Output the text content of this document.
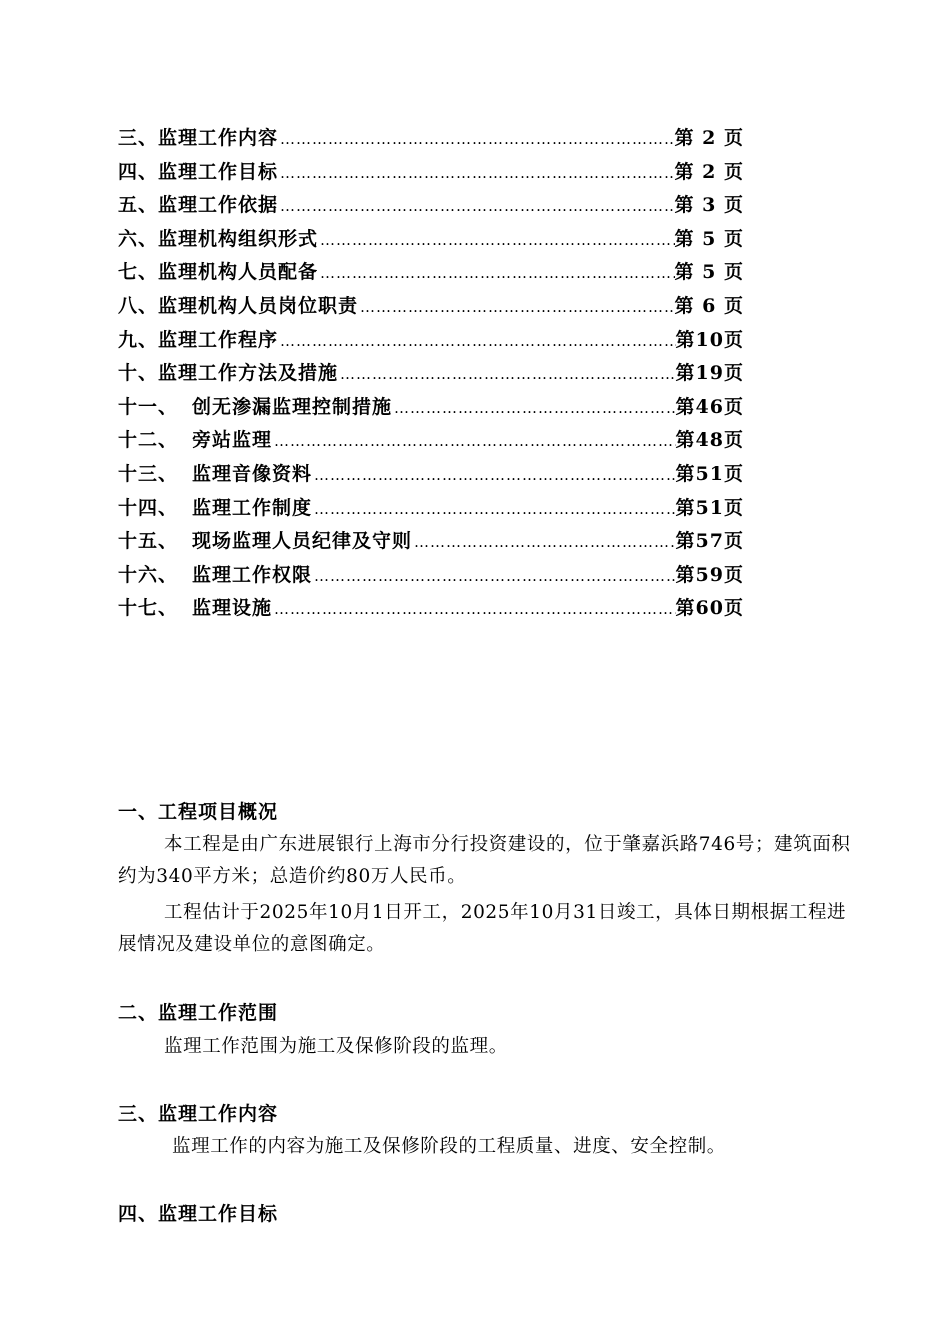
三、 监理工作内容 …………………………………………………………………………………………………………………………	第 2 页
四、 监理工作目标 …………………………………………………………………………………………………………………………	第 2 页
五、 监理工作依据 …………………………………………………………………………………………………………………………	第 3 页
六、 监理机构组织形式 …………………………………………………………………………………………………………………………	第 5 页
七、 监理机构人员配备 …………………………………………………………………………………………………………………………	第 5 页
八、 监理机构人员岗位职责 …………………………………………………………………………………………………………………………	第 6 页
九、 监理工作程序 …………………………………………………………………………………………………………………………	第10页
十、 监理工作方法及措施 …………………………………………………………………………………………………………………………	第19页
十一、 创无渗漏监理控制措施 …………………………………………………………………………………………………………………………	第46页
十二、 旁站监理 …………………………………………………………………………………………………………………………	第48页
十三、 监理音像资料 …………………………………………………………………………………………………………………………	第51页
十四、 监理工作制度 …………………………………………………………………………………………………………………………	第51页
十五、 现场监理人员纪律及守则 …………………………………………………………………………………………………………………………	第57页
十六、 监理工作权限 …………………………………………………………………………………………………………………………	第59页
十七、 监理设施 …………………………………………………………………………………………………………………………	第60页
一、工程项目概况
本工程是由广东进展银行上海市分行投资建设的，位于肇嘉浜路746号；建筑面积约为340平方米；总造价约80万人民币。
工程估计于2025年10月1日开工，2025年10月31日竣工，具体日期根据工程进展情况及建设单位的意图确定。
二、监理工作范围
监理工作范围为施工及保修阶段的监理。
三、监理工作内容
监理工作的内容为施工及保修阶段的工程质量、进度、安全控制。
四、监理工作目标
